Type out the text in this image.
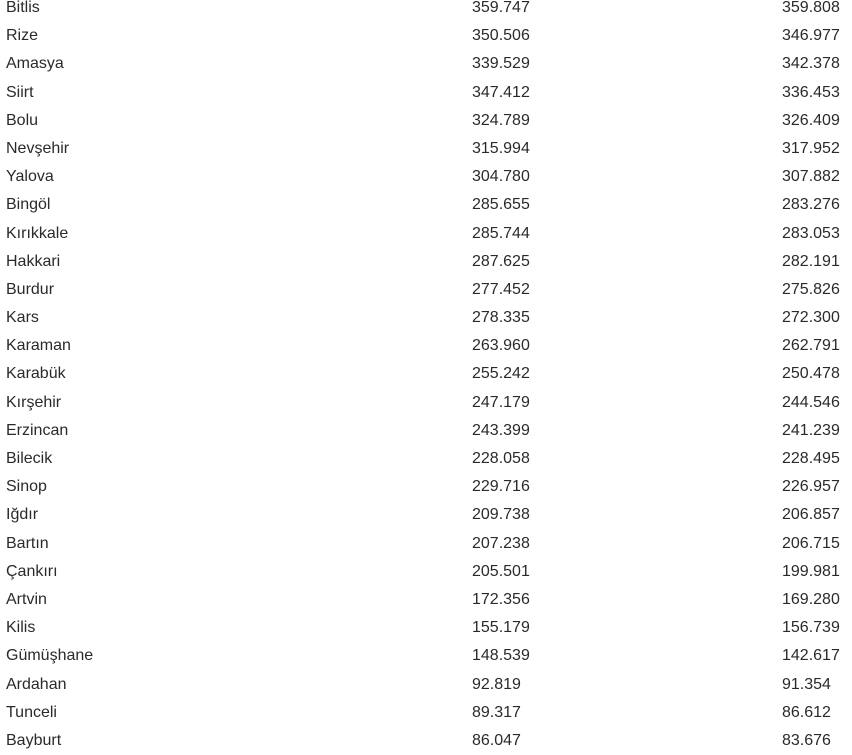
Bitlis	359.747	359.808
Rize	350.506	346.977
Amasya	339.529	342.378
Siirt	347.412	336.453
Bolu	324.789	326.409
Nevşehir	315.994	317.952
Yalova	304.780	307.882
Bingöl	285.655	283.276
Kırıkkale	285.744	283.053
Hakkari	287.625	282.191
Burdur	277.452	275.826
Kars	278.335	272.300
Karaman	263.960	262.791
Karabük	255.242	250.478
Kırşehir	247.179	244.546
Erzincan	243.399	241.239
Bilecik	228.058	228.495
Sinop	229.716	226.957
Iğdır	209.738	206.857
Bartın	207.238	206.715
Çankırı	205.501	199.981
Artvin	172.356	169.280
Kilis	155.179	156.739
Gümüşhane	148.539	142.617
Ardahan	92.819	91.354
Tunceli	89.317	86.612
Bayburt	86.047	83.676
